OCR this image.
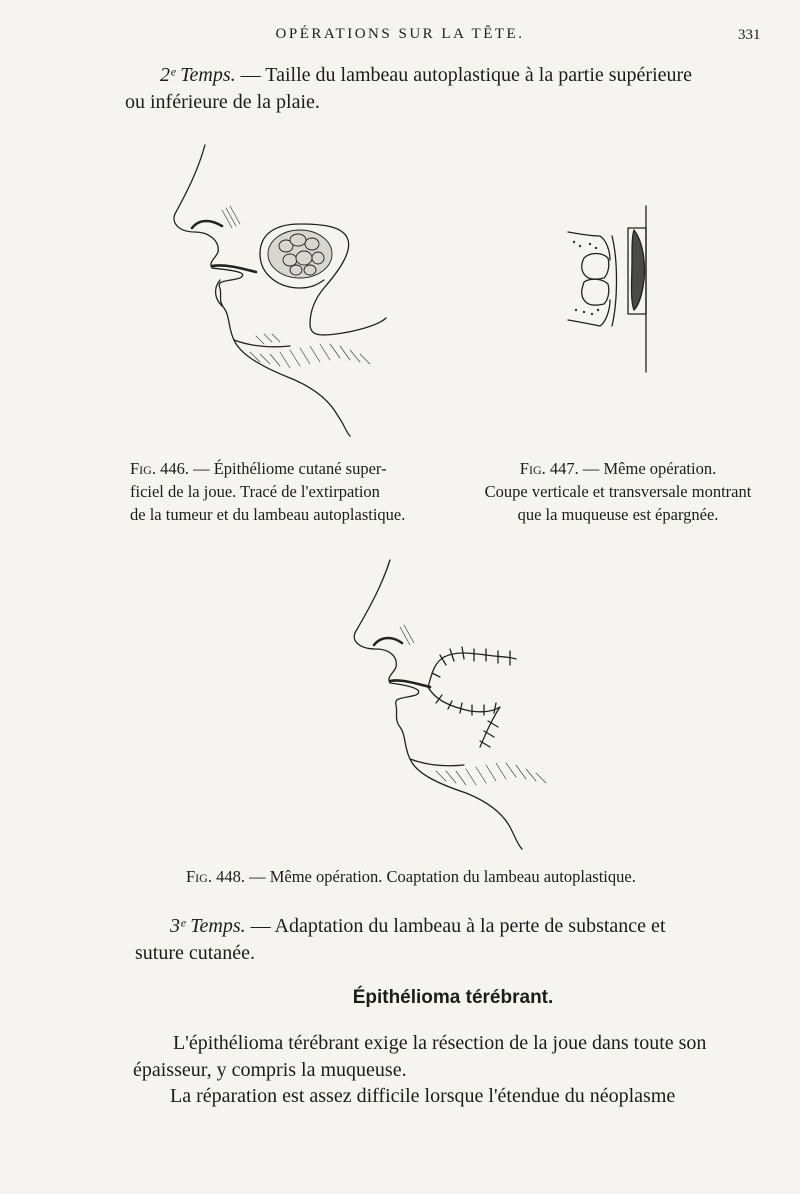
OPÉRATIONS SUR LA TÊTE.	331
2ᵉ Temps. — Taille du lambeau autoplastique à la partie supérieure
ou inférieure de la plaie.
Fig. 446. — Épithéliome cutané super-
ficiel de la joue. Tracé de l'extirpation
de la tumeur et du lambeau autoplastique.
Fig. 447. — Même opération.
Coupe verticale et transversale montrant
que la muqueuse est épargnée.
Fig. 448. — Même opération. Coaptation du lambeau autoplastique.
3ᵉ Temps. — Adaptation du lambeau à la perte de substance et
suture cutanée.
Épithélioma térébrant.
L'épithélioma térébrant exige la résection de la joue dans toute son
épaisseur, y compris la muqueuse.
La réparation est assez difficile lorsque l'étendue du néoplasme
